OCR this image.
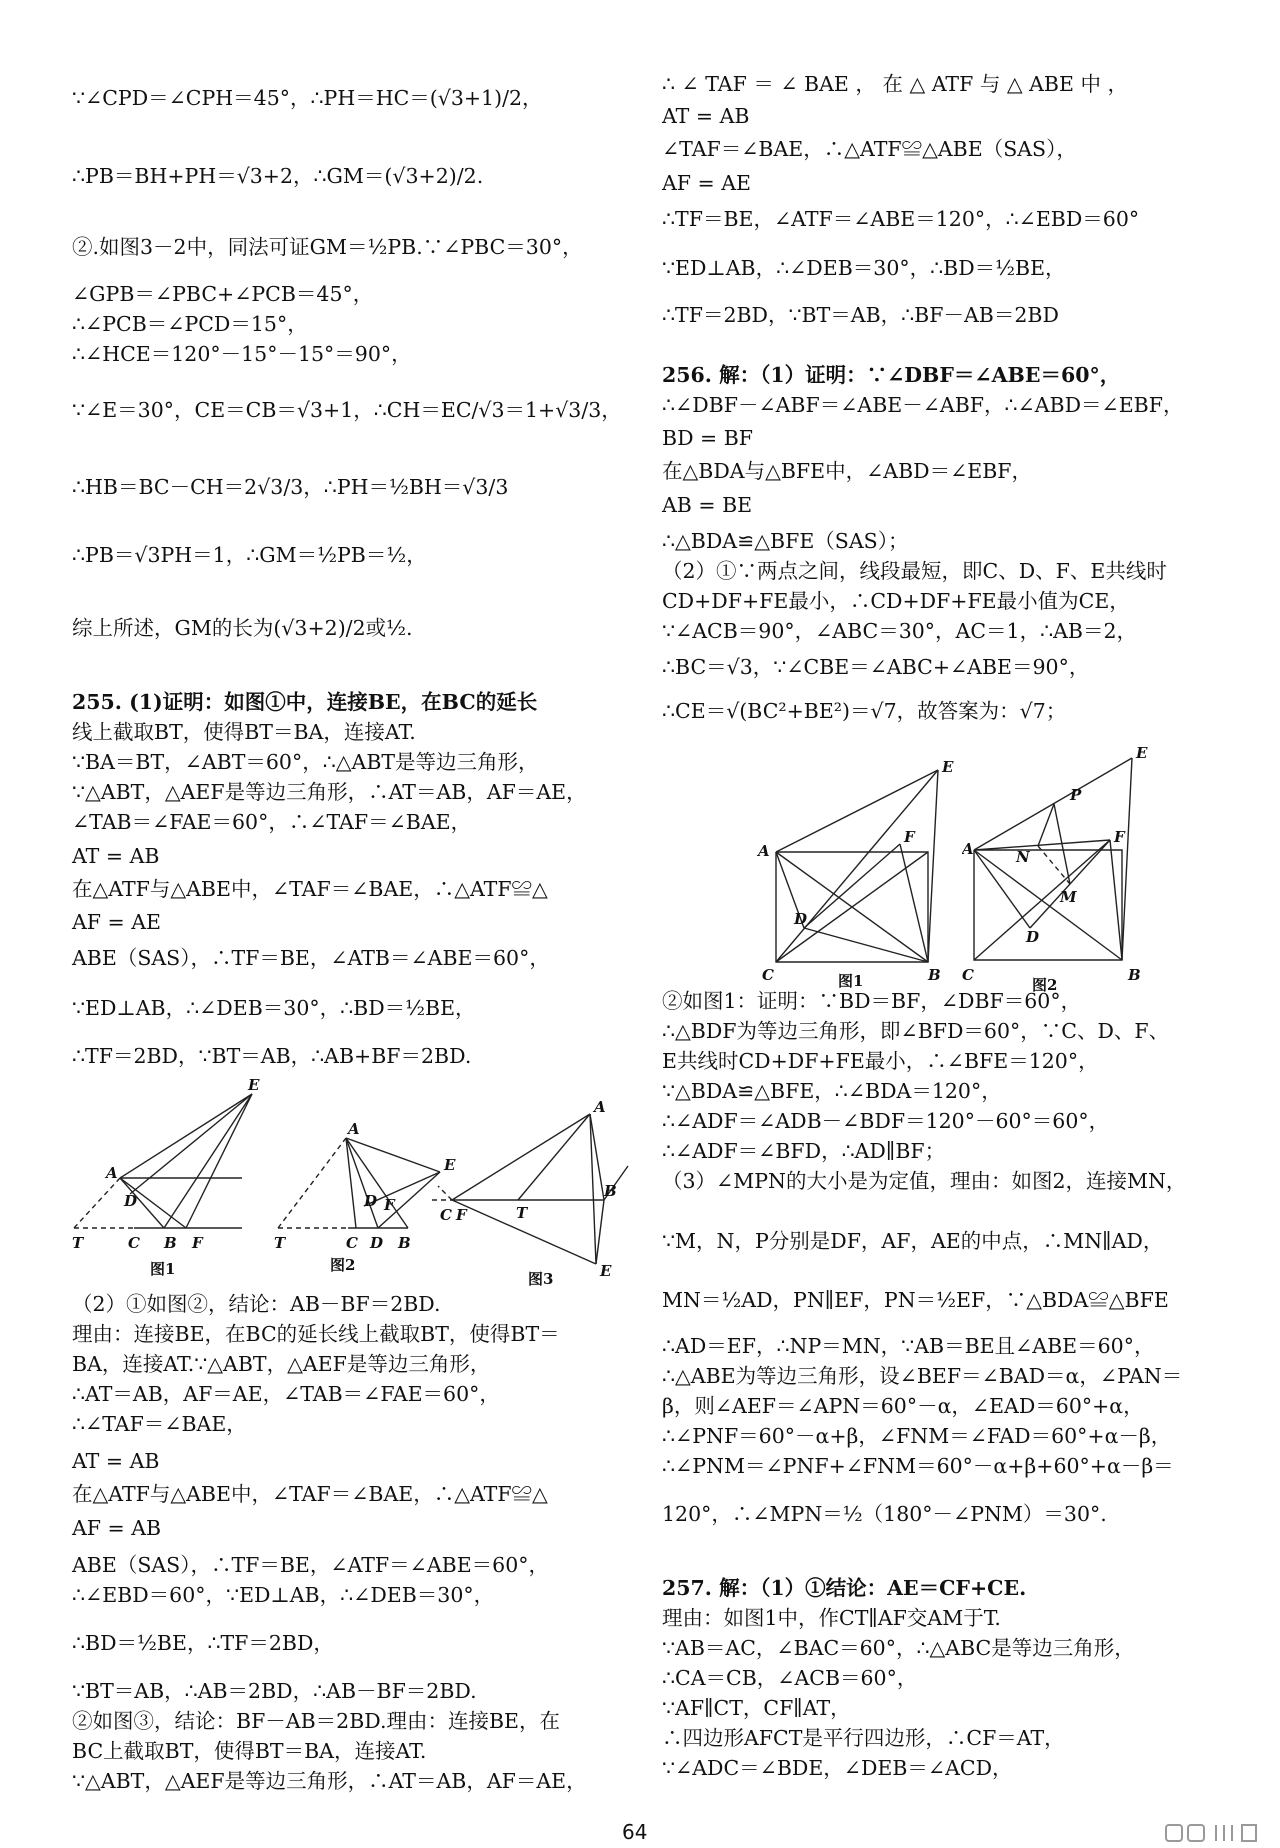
∵∠CPD＝∠CPH＝45°，∴PH＝HC＝(√3+1)/2，
∴PB＝BH+PH＝√3+2，∴GM＝(√3+2)/2.
②.如图3－2中，同法可证GM＝½PB.∵∠PBC＝30°，
∠GPB＝∠PBC+∠PCB＝45°，
∴∠PCB＝∠PCD＝15°，
∴∠HCE＝120°－15°－15°＝90°，
∵∠E＝30°，CE＝CB＝√3+1，∴CH＝EC/√3＝1+√3/3，
∴HB＝BC－CH＝2√3/3，∴PH＝½BH＝√3/3
∴PB＝√3PH＝1，∴GM＝½PB＝½，
综上所述，GM的长为(√3+2)/2或½.
255. (1)证明：如图①中，连接BE，在BC的延长
线上截取BT，使得BT＝BA，连接AT.
∵BA＝BT，∠ABT＝60°，∴△ABT是等边三角形，
∵△ABT，△AEF是等边三角形，∴AT＝AB，AF＝AE，
∠TAB＝∠FAE＝60°，∴∠TAF＝∠BAE，
AT = AB
在△ATF与△ABE中，∠TAF＝∠BAE，∴△ATF≌△
AF = AE
ABE（SAS），∴TF＝BE，∠ATB＝∠ABE＝60°，
∵ED⊥AB，∴∠DEB＝30°，∴BD＝½BE，
∴TF＝2BD，∵BT＝AB，∴AB+BF＝2BD.
（2）①如图②，结论：AB－BF＝2BD.
理由：连接BE，在BC的延长线上截取BT，使得BT＝
BA，连接AT.∵△ABT，△AEF是等边三角形，
∴AT＝AB，AF＝AE，∠TAB＝∠FAE＝60°，
∴∠TAF＝∠BAE，
AT = AB
在△ATF与△ABE中，∠TAF＝∠BAE，∴△ATF≌△
AF = AB
ABE（SAS），∴TF＝BE，∠ATF＝∠ABE＝60°，
∴∠EBD＝60°，∵ED⊥AB，∴∠DEB＝30°，
∴BD＝½BE，∴TF＝2BD，
∵BT＝AB，∴AB＝2BD，∴AB－BF＝2BD.
②如图③，结论：BF－AB＝2BD.理由：连接BE，在
BC上截取BT，使得BT＝BA，连接AT.
∵△ABT，△AEF是等边三角形，∴AT＝AB，AF＝AE，
∴ ∠ TAF ＝ ∠ BAE ， 在 △ ATF 与 △ ABE 中 ，
AT = AB
∠TAF＝∠BAE，∴△ATF≌△ABE（SAS），
AF = AE
∴TF＝BE，∠ATF＝∠ABE＝120°，∴∠EBD＝60°
∵ED⊥AB，∴∠DEB＝30°，∴BD＝½BE，
∴TF＝2BD，∵BT＝AB，∴BF－AB＝2BD
256. 解：（1）证明：∵∠DBF＝∠ABE＝60°，
∴∠DBF－∠ABF＝∠ABE－∠ABF，∴∠ABD＝∠EBF，
BD = BF
在△BDA与△BFE中，∠ABD＝∠EBF，
AB = BE
∴△BDA≌△BFE（SAS）；
（2）①∵两点之间，线段最短，即C、D、F、E共线时
CD+DF+FE最小，∴CD+DF+FE最小值为CE，
∵∠ACB＝90°，∠ABC＝30°，AC＝1，∴AB＝2，
∴BC＝√3，∵∠CBE＝∠ABC+∠ABE＝90°，
∴CE＝√(BC²+BE²)＝√7，故答案为：√7；
②如图1：证明：∵BD＝BF，∠DBF＝60°，
∴△BDF为等边三角形，即∠BFD＝60°，∵C、D、F、
E共线时CD+DF+FE最小，∴∠BFE＝120°，
∵△BDA≌△BFE，∴∠BDA＝120°，
∴∠ADF＝∠ADB－∠BDF＝120°－60°＝60°，
∴∠ADF＝∠BFD，∴AD∥BF；
（3）∠MPN的大小是为定值，理由：如图2，连接MN，
∵M，N，P分别是DF，AF，AE的中点，∴MN∥AD，
MN＝½AD，PN∥EF，PN＝½EF，∵△BDA≌△BFE
∴AD＝EF，∴NP＝MN，∵AB＝BE且∠ABE＝60°，
∴△ABE为等边三角形，设∠BEF＝∠BAD＝α，∠PAN＝
β，则∠AEF＝∠APN＝60°－α，∠EAD＝60°+α，
∴∠PNF＝60°－α+β，∠FNM＝∠FAD＝60°+α－β，
∴∠PNM＝∠PNF+∠FNM＝60°－α+β+60°+α－β＝
120°，∴∠MPN＝½（180°－∠PNM）＝30°.
257. 解：（1）①结论：AE＝CF+CE.
理由：如图1中，作CT∥AF交AM于T.
∵AB＝AC，∠BAC＝60°，∴△ABC是等边三角形，
∴CA＝CB，∠ACB＝60°，
∵AF∥CT，CF∥AT，
∴四边形AFCT是平行四边形，∴CF＝AT，
∵∠ADC＝∠BDE，∠DEB＝∠ACD，
E
A
D
T	C B F
图1
A
E
D F
T	C D B
图2
A
B
C F	T
E
图3
E
A
F
D
C	B
图1
E
P
A
F
N
M
D
C	B
图2
64
